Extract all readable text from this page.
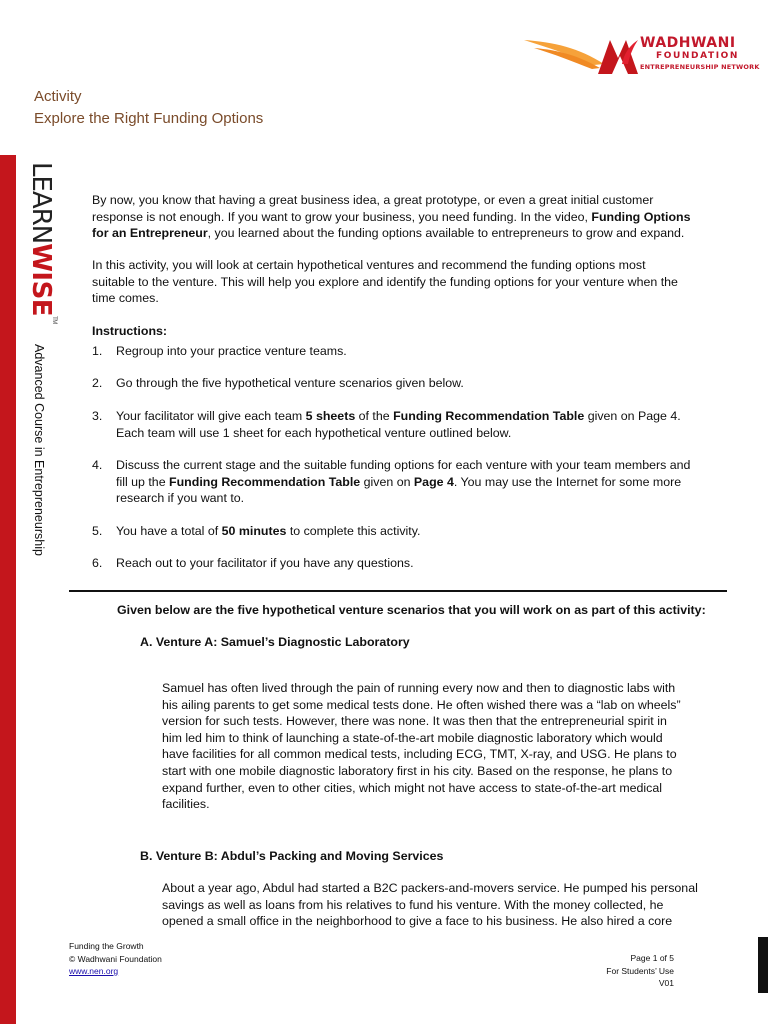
WADHWANI
FOUNDATION
ENTREPRENEURSHIP NETWORK
Activity
Explore the Right Funding Options
LEARNWISE™
Advanced Course in Entrepreneurship
By now, you know that having a great business idea, a great prototype, or even a great initial customer
response is not enough. If you want to grow your business, you need funding. In the video, Funding Options
for an Entrepreneur, you learned about the funding options available to entrepreneurs to grow and expand.
In this activity, you will look at certain hypothetical ventures and recommend the funding options most
suitable to the venture. This will help you explore and identify the funding options for your venture when the
time comes.
Instructions:
1. Regroup into your practice venture teams.
2. Go through the five hypothetical venture scenarios given below.
3. Your facilitator will give each team 5 sheets of the Funding Recommendation Table given on Page 4.
Each team will use 1 sheet for each hypothetical venture outlined below.
4. Discuss the current stage and the suitable funding options for each venture with your team members and
fill up the Funding Recommendation Table given on Page 4. You may use the Internet for some more
research if you want to.
5. You have a total of 50 minutes to complete this activity.
6. Reach out to your facilitator if you have any questions.
Given below are the five hypothetical venture scenarios that you will work on as part of this activity:
A. Venture A: Samuel’s Diagnostic Laboratory
Samuel has often lived through the pain of running every now and then to diagnostic labs with
his ailing parents to get some medical tests done. He often wished there was a “lab on wheels”
version for such tests. However, there was none. It was then that the entrepreneurial spirit in
him led him to think of launching a state-of-the-art mobile diagnostic laboratory which would
have facilities for all common medical tests, including ECG, TMT, X-ray, and USG. He plans to
start with one mobile diagnostic laboratory first in his city. Based on the response, he plans to
expand further, even to other cities, which might not have access to state-of-the-art medical
facilities.
B. Venture B: Abdul’s Packing and Moving Services
About a year ago, Abdul had started a B2C packers-and-movers service. He pumped his personal
savings as well as loans from his relatives to fund his venture. With the money collected, he
opened a small office in the neighborhood to give a face to his business. He also hired a core
Funding the Growth
© Wadhwani Foundation
www.nen.org
Page 1 of 5
For Students’ Use
V01
